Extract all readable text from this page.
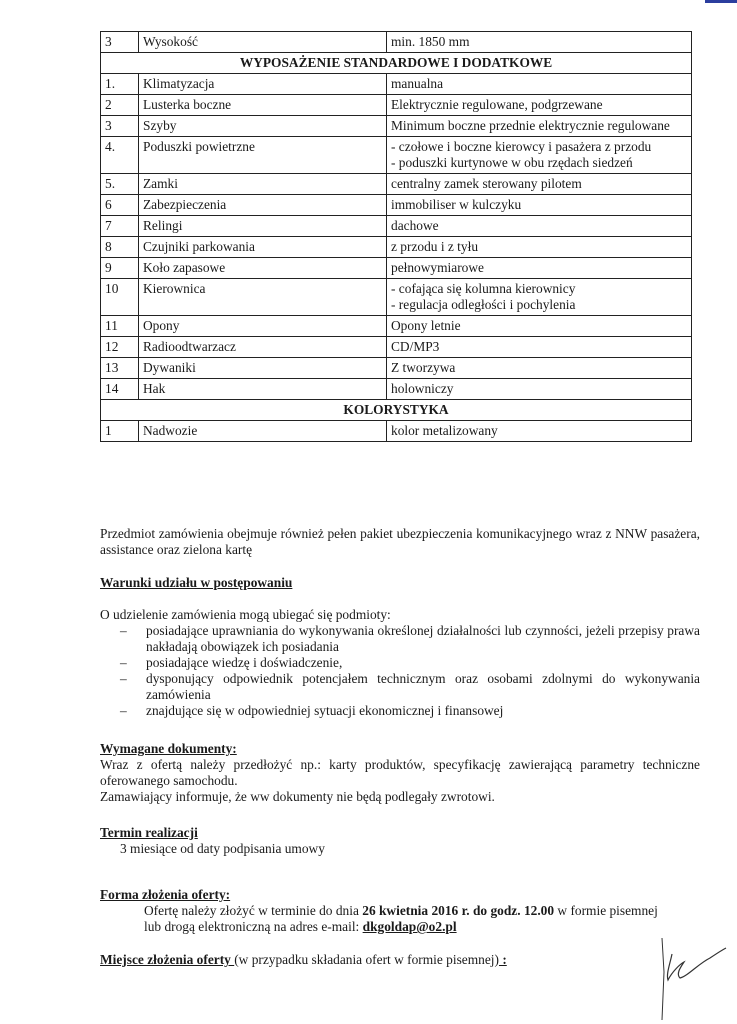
3	Wysokość	min. 1850 mm
WYPOSAŻENIE STANDARDOWE I DODATKOWE		
1.	Klimatyzacja	manualna
2	Lusterka boczne	Elektrycznie regulowane, podgrzewane
3	Szyby	Minimum boczne przednie elektrycznie regulowane
4.	Poduszki powietrzne	- czołowe i boczne kierowcy i pasażera z przodu
- poduszki kurtynowe w obu rzędach siedzeń

5.	Zamki	centralny zamek sterowany pilotem
6	Zabezpieczenia	immobiliser w kulczyku
7	Relingi	dachowe
8	Czujniki parkowania	z przodu i z tyłu
9	Koło zapasowe	pełnowymiarowe
10	Kierownica	- cofająca się kolumna kierownicy
- regulacja odległości i pochylenia

11	Opony	Opony letnie
12	Radioodtwarzacz	CD/MP3
13	Dywaniki	Z tworzywa
14	Hak	holowniczy
KOLORYSTYKA		
1	Nadwozie	kolor metalizowany
Przedmiot zamówienia obejmuje również pełen pakiet ubezpieczenia komunikacyjnego wraz z NNW pasażera, assistance oraz zielona kartę
Warunki udziału w postępowaniu
O udzielenie zamówienia mogą ubiegać się podmioty:
– posiadające uprawniania do wykonywania określonej działalności lub czynności, jeżeli przepisy prawa nakładają obowiązek ich posiadania
– posiadające wiedzę i doświadczenie,
– dysponujący odpowiednik potencjałem technicznym oraz osobami zdolnymi do wykonywania zamówienia
– znajdujące się w odpowiedniej sytuacji ekonomicznej i finansowej
Wymagane dokumenty:
Wraz z ofertą należy przedłożyć np.: karty produktów, specyfikację zawierającą parametry techniczne oferowanego samochodu.
Zamawiający informuje, że ww dokumenty nie będą podlegały zwrotowi.
Termin realizacji
3 miesiące od daty podpisania umowy
Forma złożenia oferty:
Ofertę należy złożyć w terminie do dnia 26 kwietnia 2016 r. do godz. 12.00 w formie pisemnej lub drogą elektroniczną na adres e-mail: dkgoldap@o2.pl
Miejsce złożenia oferty (w przypadku składania ofert w formie pisemnej) :
